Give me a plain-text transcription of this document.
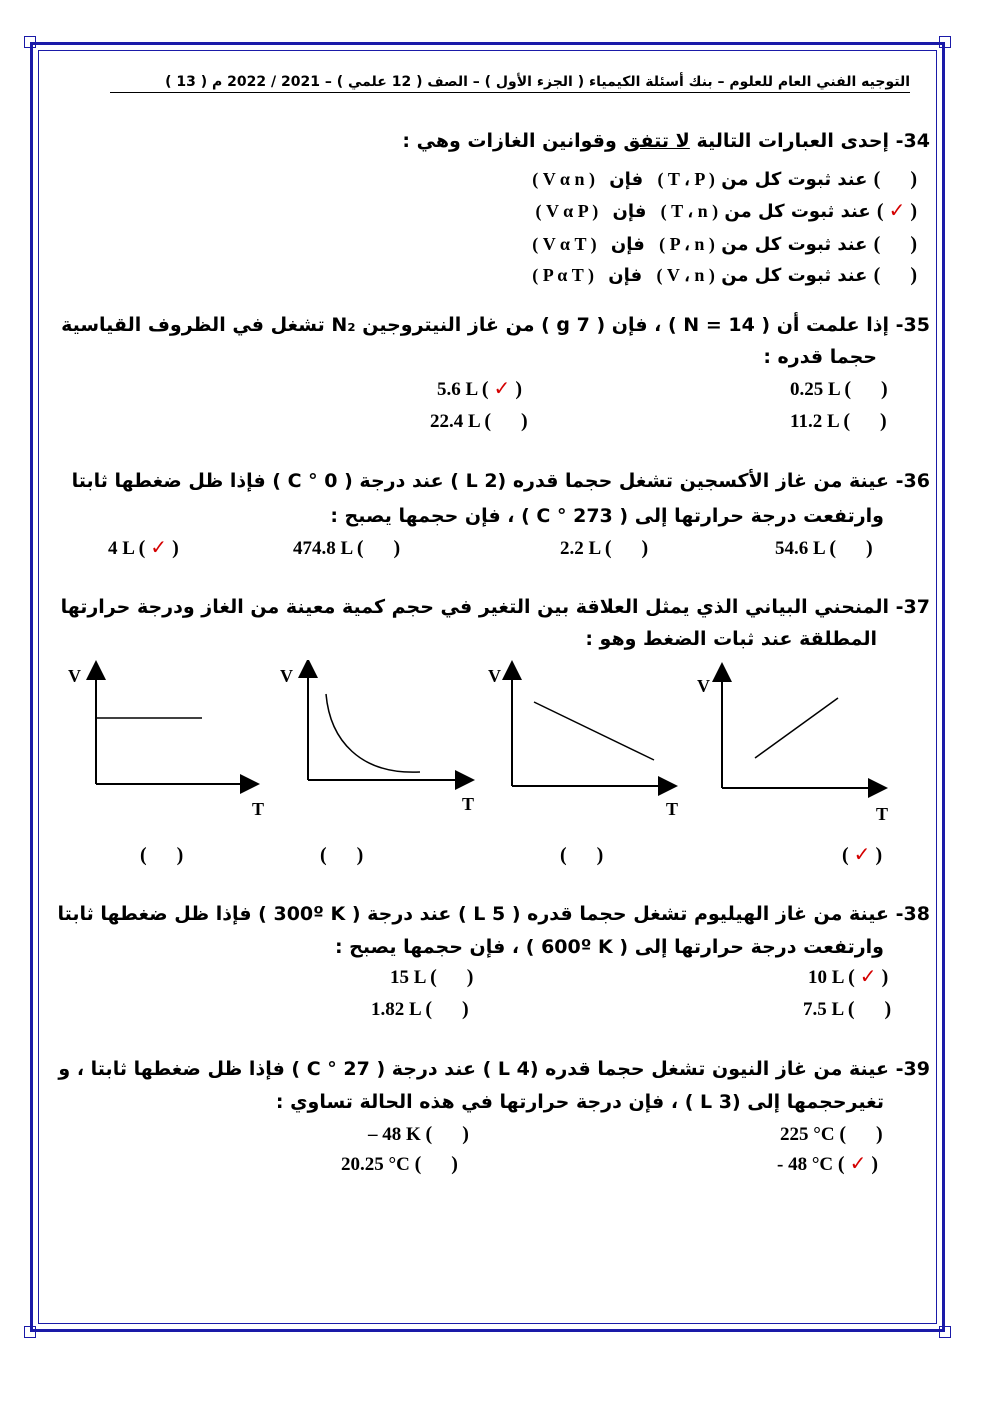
التوجيه الفني العام للعلوم – بنك أسئلة الكيمياء ( الجزء الأول ) – الصف ( 12 علمي ) – 2021 / 2022 م ( 13 )
34- إحدى العبارات التالية لا تتفق وقوانين الغازات وهي :
35- إذا علمت أن ( N = 14 ) ، فإن ( 7 g ) من غاز النيتروجين N₂ تشغل في الظروف القياسية
حجما قدره :
36- عينة من غاز الأكسجين تشغل حجما قدره (2 L ) عند درجة ( 0 ° C ) فإذا ظل ضغطها ثابتا
وارتفعت درجة حرارتها إلى ( 273 ° C ) ، فإن حجمها يصبح :
37- المنحني البياني الذي يمثل العلاقة بين التغير في حجم كمية معينة من الغاز ودرجة حرارتها
المطلقة عند ثبات الضغط وهو :
V
T
V
T
V
T
V
T
38- عينة من غاز الهيليوم تشغل حجما قدره ( 5 L ) عند درجة ( 300º K ) فإذا ظل ضغطها ثابتا
وارتفعت درجة حرارتها إلى ( 600º K ) ، فإن حجمها يصبح :
39- عينة من غاز النيون تشغل حجما قدره (4 L ) عند درجة ( 27 ° C ) فإذا ظل ضغطها ثابتا ، و
تغيرحجمها إلى (3 L ) ، فإن درجة حرارتها في هذه الحالة تساوي :
(   ) عند ثبوت كل من ( T ، P ) فإن ( V α n )
( ✓ ) عند ثبوت كل من ( T ، n ) فإن ( V α P )
(   ) عند ثبوت كل من ( P ، n ) فإن ( V α T )
(   ) عند ثبوت كل من ( V ، n ) فإن ( P α T )
0.25 L (   )
5.6 L ( ✓ )
11.2 L (   )
22.4 L (   )
54.6 L (   )
2.2 L (   )
474.8 L (   )
4 L ( ✓ )
(   )	(   )	(   )	( ✓ )
10 L ( ✓ )
15 L (   )
7.5 L (   )
1.82 L (   )
225 °C (   )
– 48 K (   )
- 48 °C ( ✓ )
20.25 °C (   )
